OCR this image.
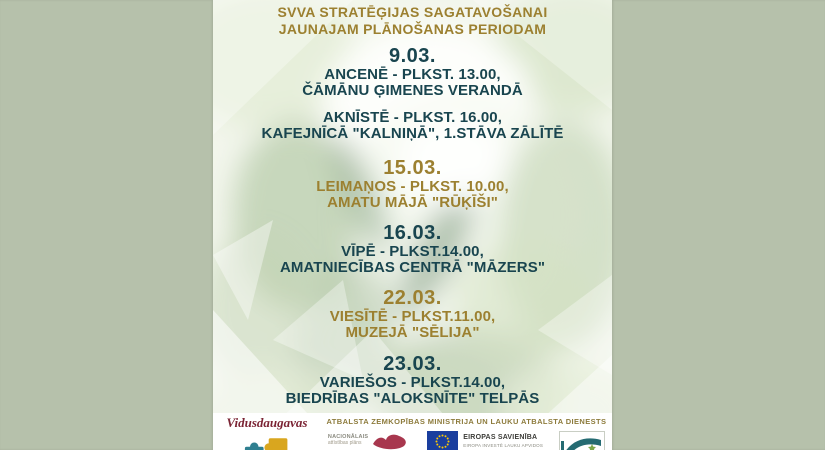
SVVA STRATĒĢIJAS SAGATAVOŠANAI
JAUNAJAM PLĀNOŠANAS PERIODAM
9.03.
ANCENĒ - PLKST. 13.00,
ČĀMĀNU ĢIMENES VERANDĀ
AKNĪSTĒ - PLKST. 16.00,
KAFEJNĪCĀ "KALNIŅĀ", 1.STĀVA ZĀLĪTĒ
15.03.
LEIMAŅOS - PLKST. 10.00,
AMATU MĀJĀ "RŪĶĪŠI"
16.03.
VĪPĒ - PLKST.14.00,
AMATNIECĪBAS CENTRĀ "MĀZERS"
22.03.
VIESĪTĒ - PLKST.11.00,
MUZEJĀ "SĒLIJA"
23.03.
VARIEŠOS - PLKST.14.00,
BIEDRĪBAS "ALOKSNĪTE" TELPĀS
Vidusdaugavas	ATBALSTA ZEMKOPĪBAS MINISTRIJA UN LAUKU ATBALSTA DIENESTS
NACIONĀLAIS
attīstības plāns
EIROPAS SAVIENĪBA
EIROPA INVESTĒ LAUKU APVIDOS
